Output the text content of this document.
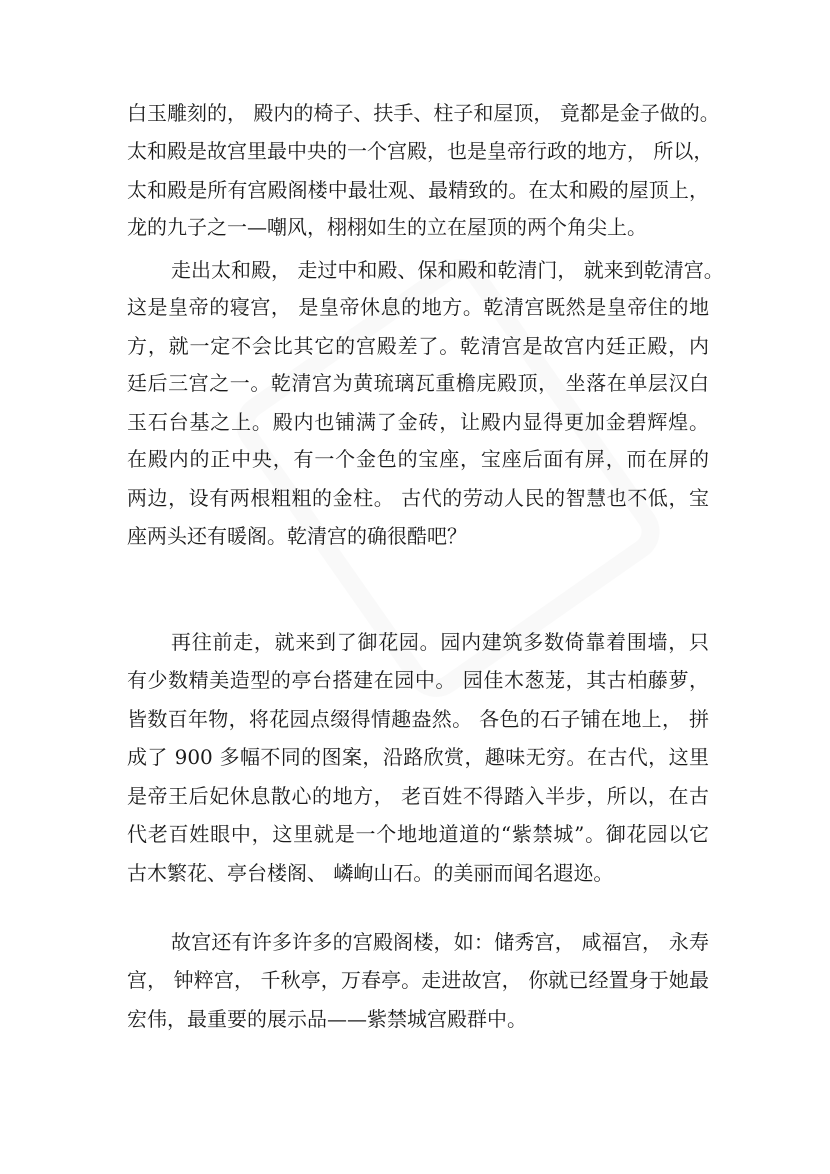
白玉雕刻的， 殿内的椅子、扶手、柱子和屋顶， 竟都是金子做的。
太和殿是故宫里最中央的一个宫殿，也是皇帝行政的地方， 所以，
太和殿是所有宫殿阁楼中最壮观、最精致的。在太和殿的屋顶上，
龙的九子之一—嘲风，栩栩如生的立在屋顶的两个角尖上。
走出太和殿， 走过中和殿、保和殿和乾清门， 就来到乾清宫。
这是皇帝的寝宫， 是皇帝休息的地方。乾清宫既然是皇帝住的地
方，就一定不会比其它的宫殿差了。乾清宫是故宫内廷正殿，内
廷后三宫之一。乾清宫为黄琉璃瓦重檐庑殿顶， 坐落在单层汉白
玉石台基之上。殿内也铺满了金砖，让殿内显得更加金碧辉煌。
在殿内的正中央，有一个金色的宝座，宝座后面有屏，而在屏的
两边，设有两根粗粗的金柱。 古代的劳动人民的智慧也不低，宝
座两头还有暖阁。乾清宫的确很酷吧？
再往前走，就来到了御花园。园内建筑多数倚靠着围墙，只
有少数精美造型的亭台搭建在园中。 园佳木葱茏，其古柏藤萝，
皆数百年物，将花园点缀得情趣盎然。 各色的石子铺在地上， 拼
成了 900 多幅不同的图案，沿路欣赏，趣味无穷。在古代，这里
是帝王后妃休息散心的地方， 老百姓不得踏入半步，所以，在古
代老百姓眼中，这里就是一个地地道道的“紫禁城”。御花园以它
古木繁花、亭台楼阁、 嶙峋山石。的美丽而闻名遐迩。
故宫还有许多许多的宫殿阁楼，如：储秀宫， 咸福宫， 永寿
宫， 钟粹宫， 千秋亭，万春亭。走进故宫， 你就已经置身于她最
宏伟，最重要的展示品——紫禁城宫殿群中。
